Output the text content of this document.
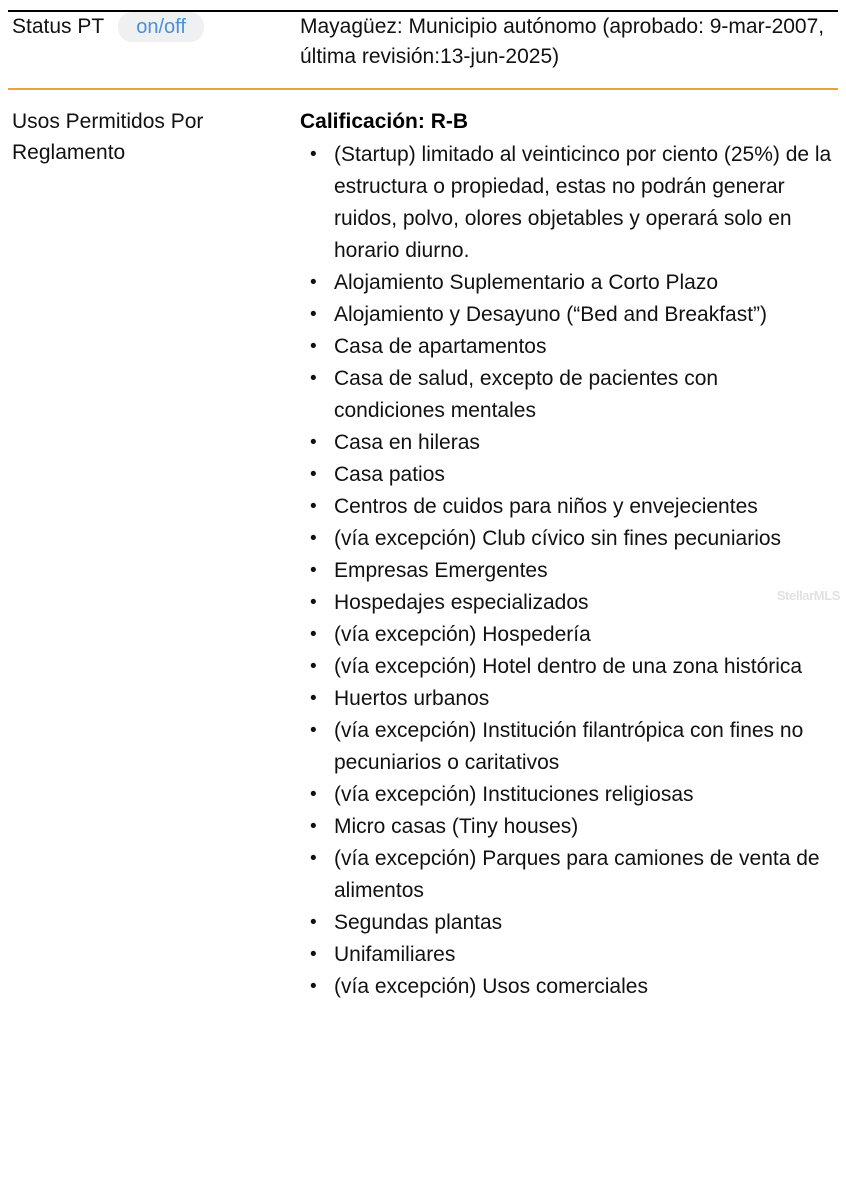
Status PT	on/off	Mayagüez: Municipio autónomo (aprobado: 9-mar-2007, última revisión:13-jun-2025)
Usos Permitidos Por Reglamento

Calificación: R-B

• (Startup) limitado al veinticinco por ciento (25%) de la estructura o propiedad, estas no podrán generar ruidos, polvo, olores objetables y operará solo en horario diurno.
• Alojamiento Suplementario a Corto Plazo
• Alojamiento y Desayuno (“Bed and Breakfast”)
• Casa de apartamentos
• Casa de salud, excepto de pacientes con condiciones mentales
• Casa en hileras
• Casa patios
• Centros de cuidos para niños y envejecientes
• (vía excepción) Club cívico sin fines pecuniarios
• Empresas Emergentes
• Hospedajes especializados
• (vía excepción) Hospedería
• (vía excepción) Hotel dentro de una zona histórica
• Huertos urbanos
• (vía excepción) Institución filantrópica con fines no pecuniarios o caritativos
• (vía excepción) Instituciones religiosas
• Micro casas (Tiny houses)
• (vía excepción) Parques para camiones de venta de alimentos
• Segundas plantas
• Unifamiliares
• (vía excepción) Usos comerciales
StellarMLS
